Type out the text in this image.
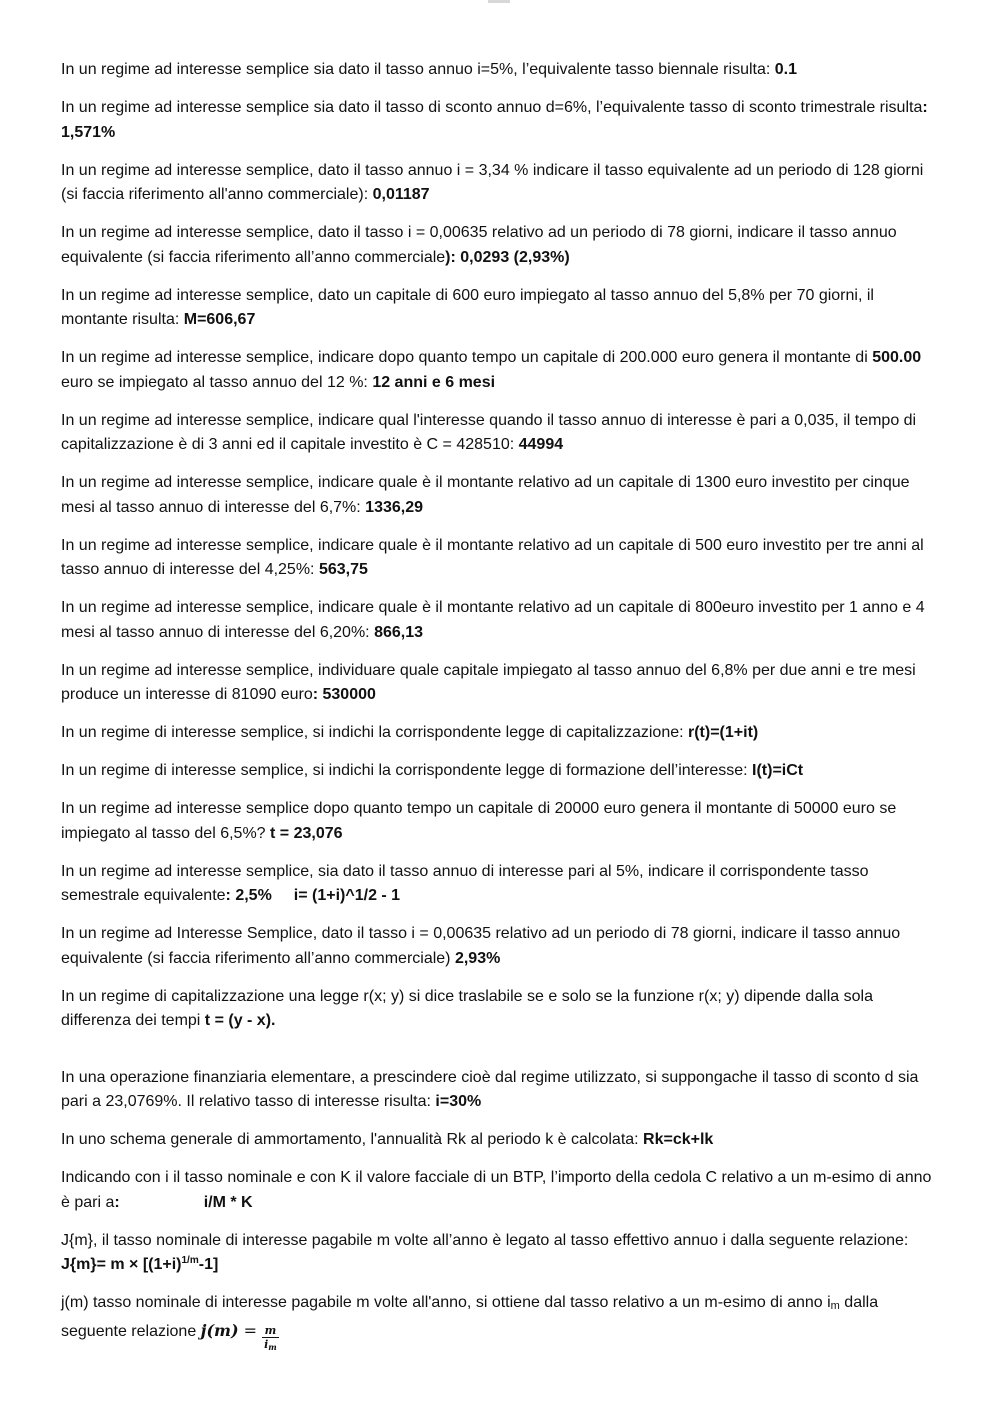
In un regime ad interesse semplice sia dato il tasso annuo i=5%, l’equivalente tasso biennale risulta: 0.1

In un regime ad interesse semplice sia dato il tasso di sconto annuo d=6%, l’equivalente tasso di sconto trimestrale risulta: 1,571%

In un regime ad interesse semplice, dato il tasso annuo i = 3,34 % indicare il tasso equivalente ad un periodo di 128 giorni (si faccia riferimento all'anno commerciale): 0,01187

In un regime ad interesse semplice, dato il tasso i = 0,00635 relativo ad un periodo di 78 giorni, indicare il tasso annuo equivalente (si faccia riferimento all’anno commerciale): 0,0293 (2,93%)

In un regime ad interesse semplice, dato un capitale di 600 euro impiegato al tasso annuo del 5,8% per 70 giorni, il montante risulta: M=606,67

In un regime ad interesse semplice, indicare dopo quanto tempo un capitale di 200.000 euro genera il montante di 500.00 euro se impiegato al tasso annuo del 12 %: 12 anni e 6 mesi

In un regime ad interesse semplice, indicare qual l'interesse quando il tasso annuo di interesse è pari a 0,035, il tempo di capitalizzazione è di 3 anni ed il capitale investito è C = 428510: 44994

In un regime ad interesse semplice, indicare quale è il montante relativo ad un capitale di 1300 euro investito per cinque mesi al tasso annuo di interesse del 6,7%: 1336,29

In un regime ad interesse semplice, indicare quale è il montante relativo ad un capitale di 500 euro investito per tre anni al tasso annuo di interesse del 4,25%: 563,75

In un regime ad interesse semplice, indicare quale è il montante relativo ad un capitale di 800euro investito per 1 anno e 4 mesi al tasso annuo di interesse del 6,20%: 866,13

In un regime ad interesse semplice, individuare quale capitale impiegato al tasso annuo del 6,8% per due anni e tre mesi produce un interesse di 81090 euro: 530000

In un regime di interesse semplice, si indichi la corrispondente legge di capitalizzazione: r(t)=(1+it)

In un regime di interesse semplice, si indichi la corrispondente legge di formazione dell’interesse: I(t)=iCt

In un regime ad interesse semplice dopo quanto tempo un capitale di 20000 euro genera il montante di 50000 euro se impiegato al tasso del 6,5%? t = 23,076

In un regime ad interesse semplice, sia dato il tasso annuo di interesse pari al 5%, indicare il corrispondente tasso semestrale equivalente: 2,5% i= (1+i)^1/2 - 1

In un regime ad Interesse Semplice, dato il tasso i = 0,00635 relativo ad un periodo di 78 giorni, indicare il tasso annuo equivalente (si faccia riferimento all’anno commerciale) 2,93%

In un regime di capitalizzazione una legge r(x; y) si dice traslabile se e solo se la funzione r(x; y) dipende dalla sola differenza dei tempi t = (y - x).

In una operazione finanziaria elementare, a prescindere cioè dal regime utilizzato, si suppongache il tasso di sconto d sia pari a 23,0769%. Il relativo tasso di interesse risulta: i=30%

In uno schema generale di ammortamento, l'annualità Rk al periodo k è calcolata: Rk=ck+lk

Indicando con i il tasso nominale e con K il valore facciale di un BTP, l’importo della cedola C relativo a un m-esimo di anno è pari a:	i/M * K

J{m}, il tasso nominale di interesse pagabile m volte all’anno è legato al tasso effettivo annuo i dalla seguente relazione: $J\{m\}= m \times [(1+i)^{1/m}-1]$

j(m) tasso nominale di interesse pagabile m volte all'anno, si ottiene dal tasso relativo a un m-esimo di anno im dalla seguente relazione $j(m) = \frac{m}{i_m}$
